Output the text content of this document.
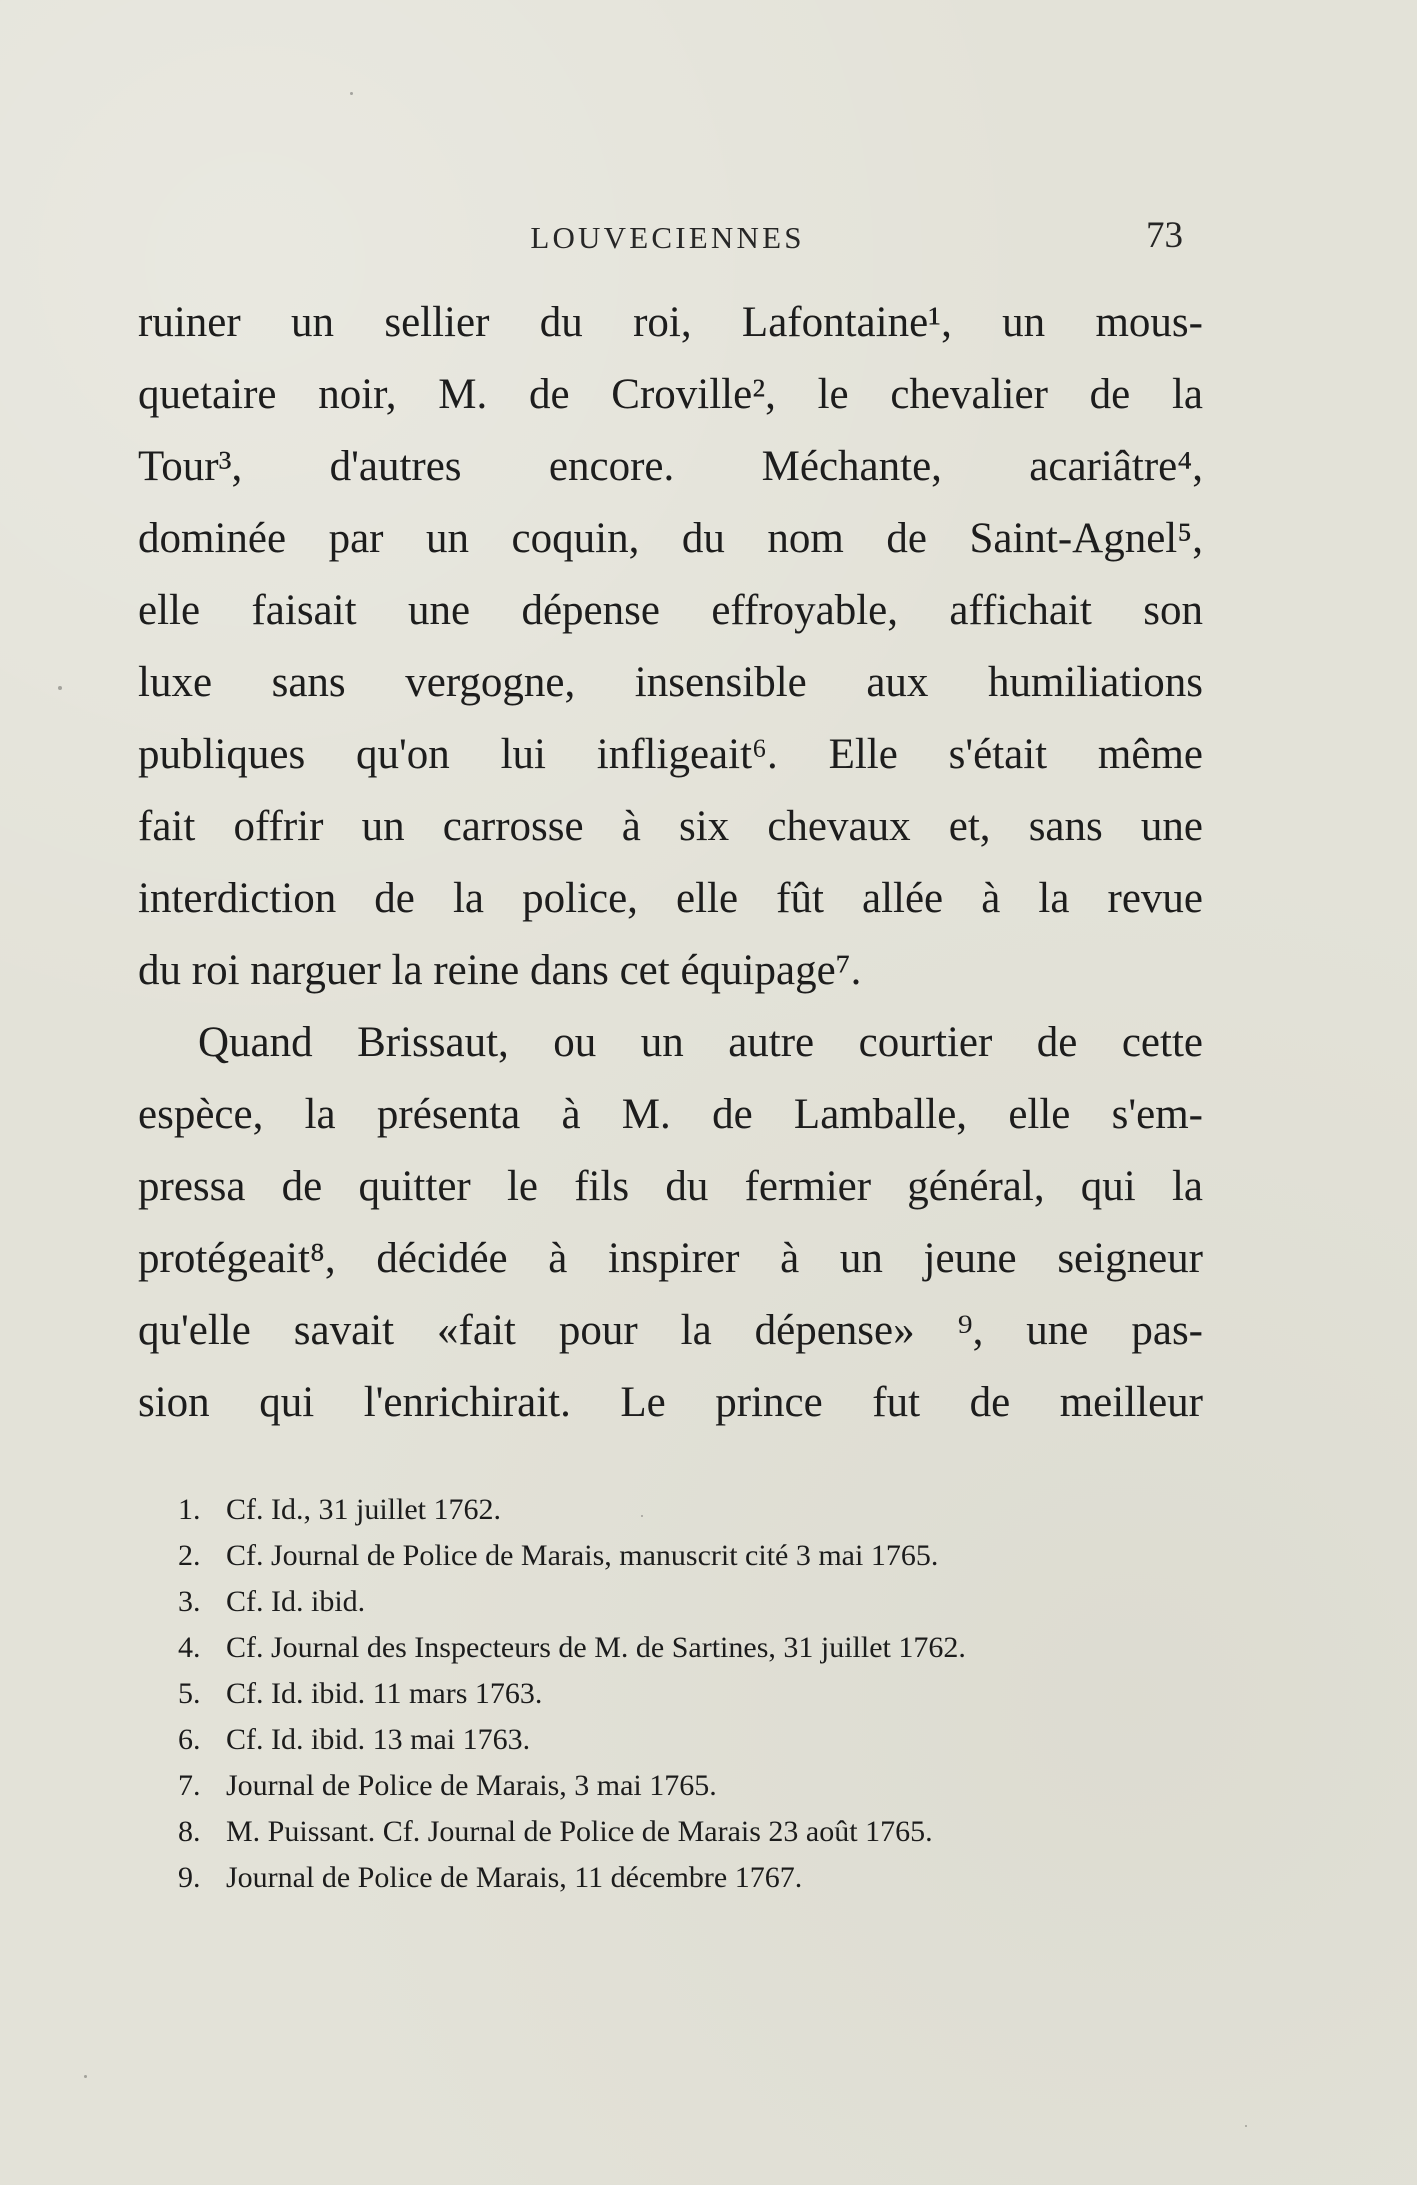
LOUVECIENNES	73
ruiner un sellier du roi, Lafontaine¹, un mous-
quetaire noir, M. de Croville², le chevalier de la
Tour³, d'autres encore. Méchante, acariâtre⁴,
dominée par un coquin, du nom de Saint-Agnel⁵,
elle faisait une dépense effroyable, affichait son
luxe sans vergogne, insensible aux humiliations
publiques qu'on lui infligeait⁶. Elle s'était même
fait offrir un carrosse à six chevaux et, sans une
interdiction de la police, elle fût allée à la revue
du roi narguer la reine dans cet équipage⁷.
Quand Brissaut, ou un autre courtier de cette
espèce, la présenta à M. de Lamballe, elle s'em-
pressa de quitter le fils du fermier général, qui la
protégeait⁸, décidée à inspirer à un jeune seigneur
qu'elle savait «fait pour la dépense» ⁹, une pas-
sion qui l'enrichirait. Le prince fut de meilleur
1. Cf. Id., 31 juillet 1762.
2. Cf. Journal de Police de Marais, manuscrit cité 3 mai 1765.
3. Cf. Id. ibid.
4. Cf. Journal des Inspecteurs de M. de Sartines, 31 juillet 1762.
5. Cf. Id. ibid. 11 mars 1763.
6. Cf. Id. ibid. 13 mai 1763.
7. Journal de Police de Marais, 3 mai 1765.
8. M. Puissant. Cf. Journal de Police de Marais 23 août 1765.
9. Journal de Police de Marais, 11 décembre 1767.
